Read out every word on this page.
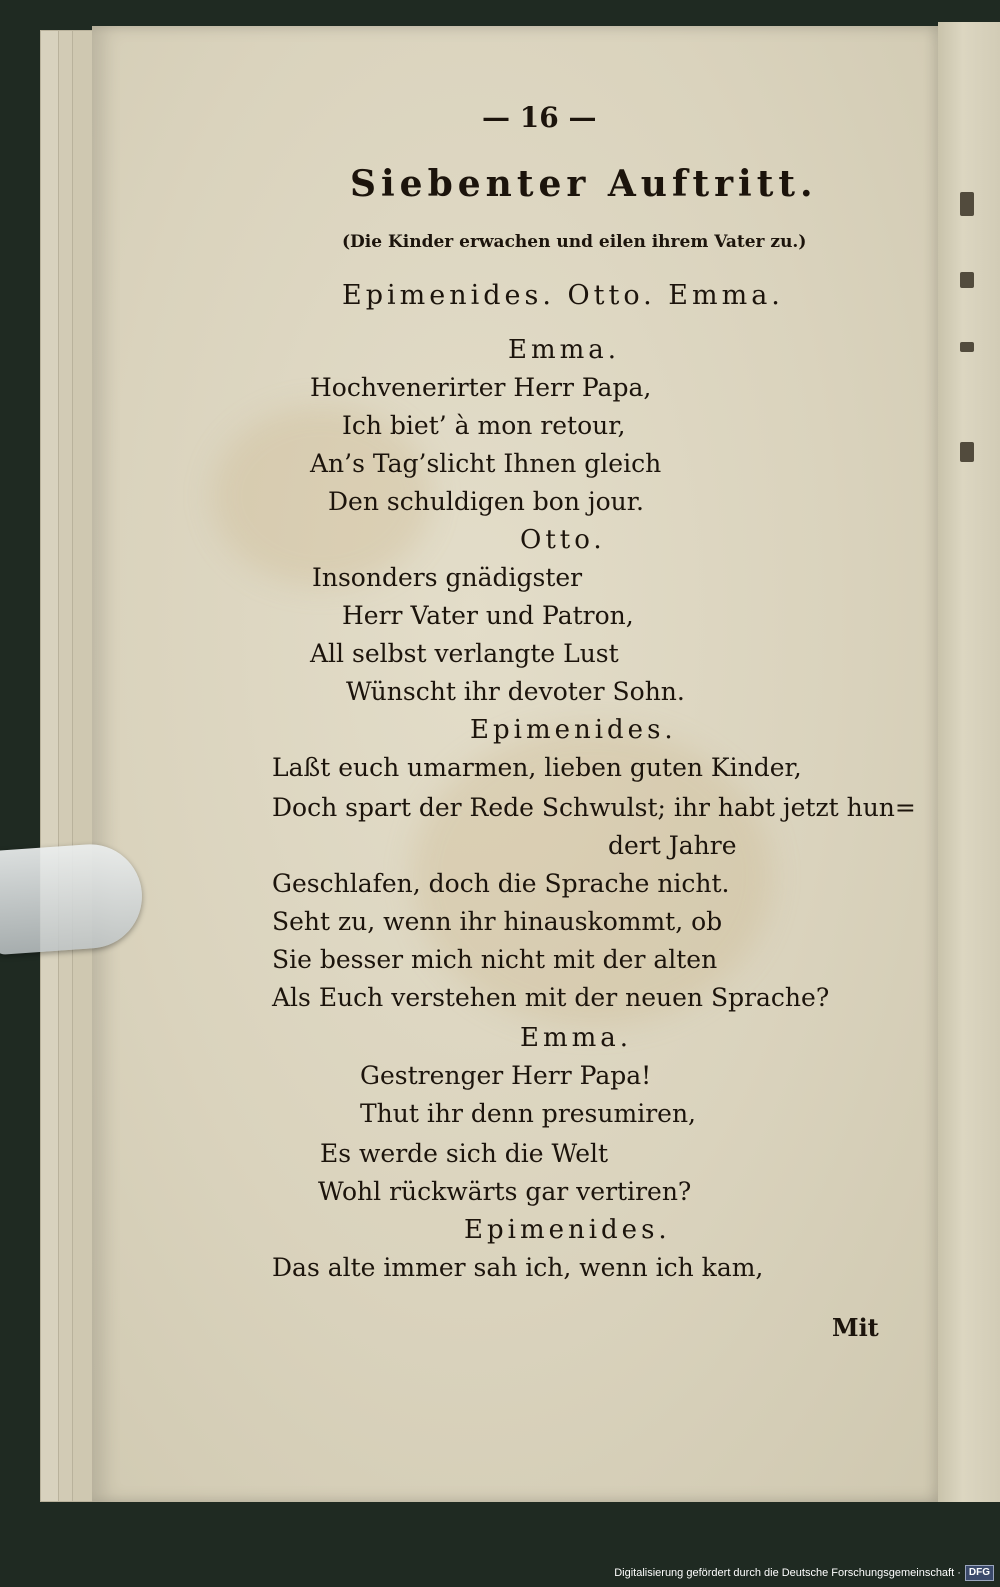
— 16 —

Siebenter Auftritt.

(Die Kinder erwachen und eilen ihrem Vater zu.)

Epimenides. Otto. Emma.

Emma.

Hochvenerirter Herr Papa,

Ich biet’ à mon retour,

An’s Tag’slicht Ihnen gleich

Den schuldigen bon jour.

Otto.

Insonders gnädigster

Herr Vater und Patron,

All selbst verlangte Lust

Wünscht ihr devoter Sohn.

Epimenides.

Laßt euch umarmen, lieben guten Kinder,

Doch spart der Rede Schwulst; ihr habt jetzt hun=

dert Jahre

Geschlafen, doch die Sprache nicht.

Seht zu, wenn ihr hinauskommt, ob

Sie besser mich nicht mit der alten

Als Euch verstehen mit der neuen Sprache?

Emma.

Gestrenger Herr Papa!

Thut ihr denn presumiren,

Es werde sich die Welt

Wohl rückwärts gar vertiren?

Epimenides.

Das alte immer sah ich, wenn ich kam,

Mit

Digitalisierung gefördert durch die Deutsche Forschungsgemeinschaft · DFG
